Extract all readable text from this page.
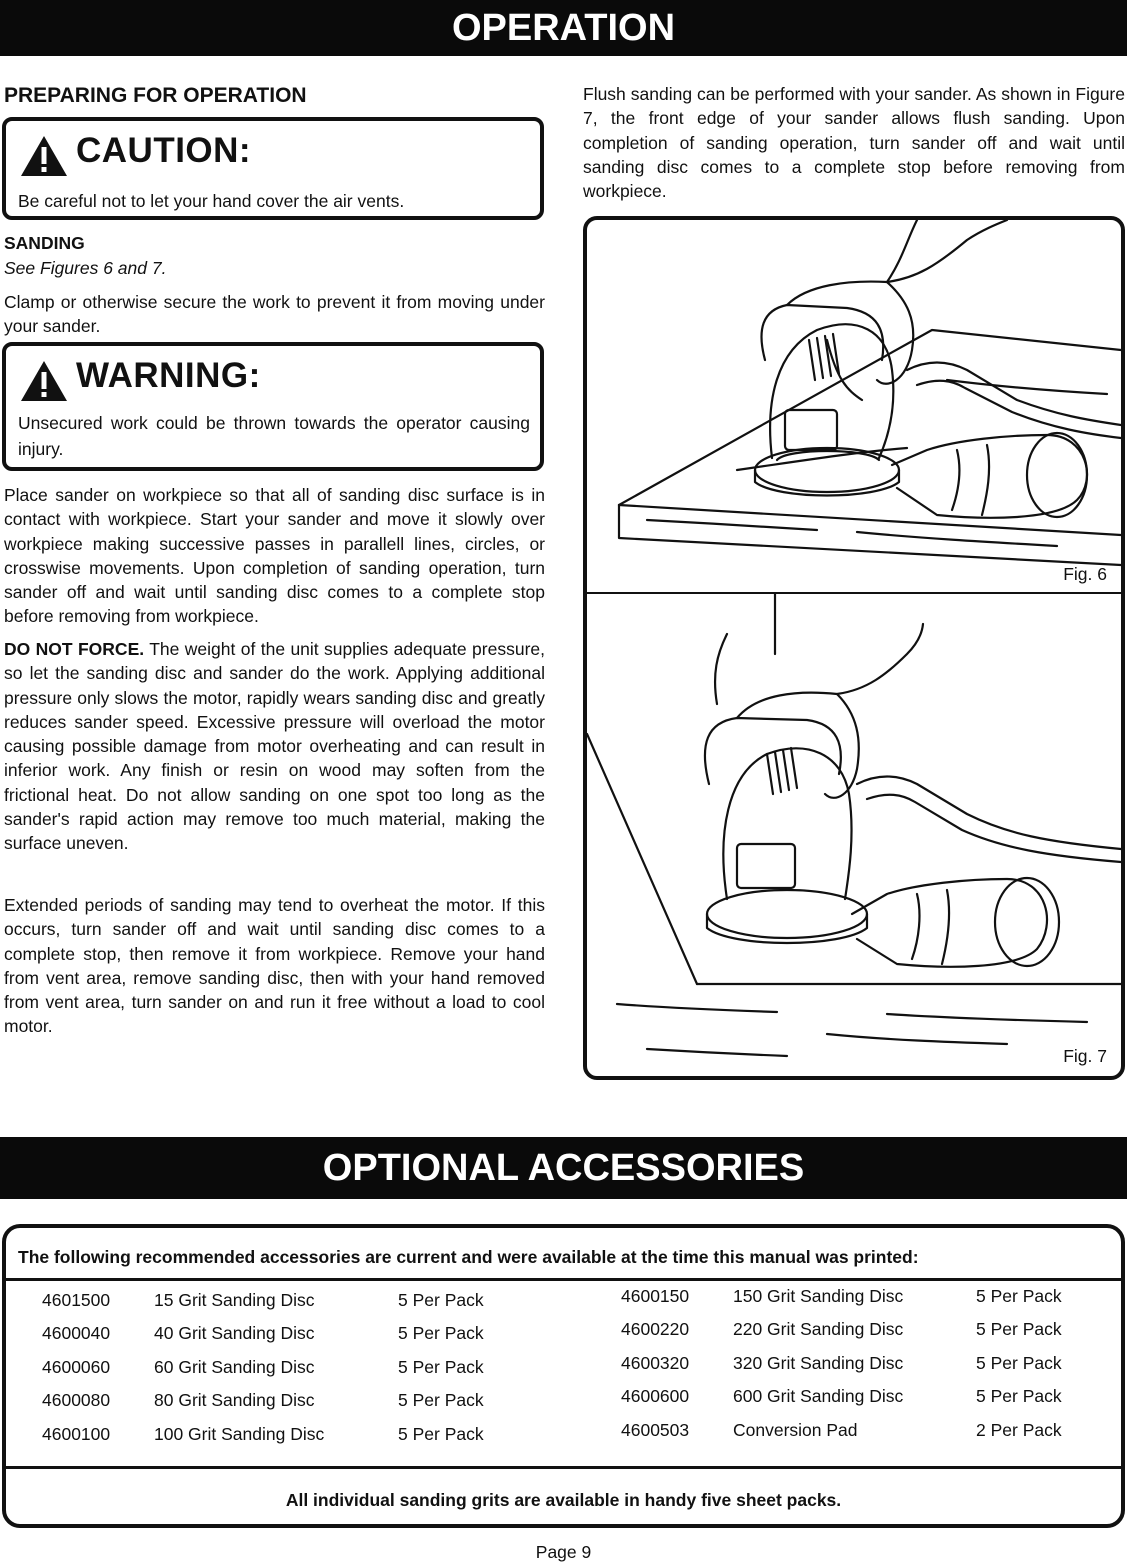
OPERATION
PREPARING FOR OPERATION
CAUTION:
Be careful not to let your hand cover the air vents.
SANDING
See Figures 6 and 7.

Clamp or otherwise secure the work to prevent it from moving under your sander.

WARNING:
Unsecured work could be thrown towards the operator causing injury.

Place sander on workpiece so that all of sanding disc surface is in contact with workpiece. Start your sander and move it slowly over workpiece making successive passes in parallell lines, circles, or crosswise movements. Upon completion of sanding operation, turn sander off and wait until sanding disc comes to a complete stop before removing from workpiece.

DO NOT FORCE. The weight of the unit supplies adequate pressure, so let the sanding disc and sander do the work. Applying additional pressure only slows the motor, rapidly wears sanding disc and greatly reduces sander speed. Excessive pressure will overload the motor causing possible damage from motor overheating and can result in inferior work. Any finish or resin on wood may soften from the frictional heat. Do not allow sanding on one spot too long as the sander's rapid action may remove too much material, making the surface uneven.

Extended periods of sanding may tend to overheat the motor. If this occurs, turn sander off and wait until sanding disc comes to a complete stop, then remove it from workpiece. Remove your hand from vent area, remove sanding disc, then with your hand removed from vent area, turn sander on and run it free without a load to cool motor.

Flush sanding can be performed with your sander. As shown in Figure 7, the front edge of your sander allows flush sanding. Upon completion of sanding operation, turn sander off and wait until sanding disc comes to a complete stop before removing from workpiece.

Fig. 6
Fig. 7
OPTIONAL ACCESSORIES
The following recommended accessories are current and were available at the time this manual was printed:
4601500	15 Grit Sanding Disc	5 Per Pack
4600040	40 Grit Sanding Disc	5 Per Pack
4600060	60 Grit Sanding Disc	5 Per Pack
4600080	80 Grit Sanding Disc	5 Per Pack
4600100	100 Grit Sanding Disc	5 Per Pack
4600150	150 Grit Sanding Disc	5 Per Pack
4600220	220 Grit Sanding Disc	5 Per Pack
4600320	320 Grit Sanding Disc	5 Per Pack
4600600	600 Grit Sanding Disc	5 Per Pack
4600503	Conversion Pad	2 Per Pack
All individual sanding grits are available in handy five sheet packs.
Page 9
